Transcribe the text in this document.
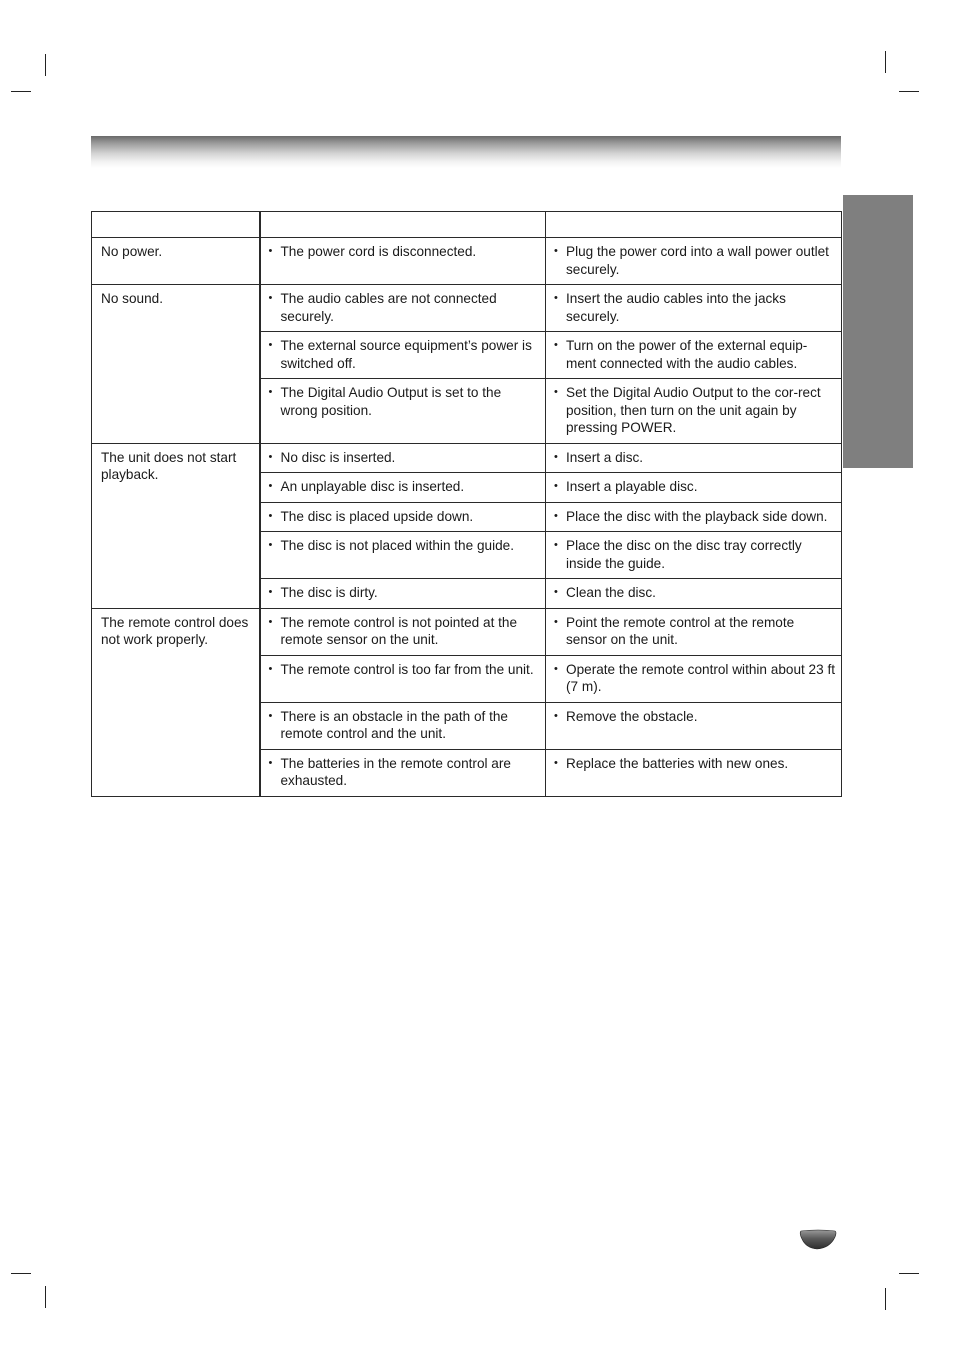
No power.	• The power cord is disconnected.	• Plug the power cord into a wall power outlet securely.

No sound.	• The audio cables are not connected securely.	• Insert the audio cables into the jacks securely.

	• The external source equipment’s power is switched off.	• Turn on the power of the external equip-ment connected with the audio cables.

	• The Digital Audio Output is set to the wrong position.	• Set the Digital Audio Output to the cor-rect position, then turn on the unit again by pressing POWER.

The unit does not start playback.	• No disc is inserted.	• Insert a disc.

	• An unplayable disc is inserted.	• Insert a playable disc.

	• The disc is placed upside down.	• Place the disc with the playback side down.

	• The disc is not placed within the guide.	• Place the disc on the disc tray correctly inside the guide.

	• The disc is dirty.	• Clean the disc.

The remote control does not work properly.	• The remote control is not pointed at the remote sensor on the unit.	• Point the remote control at the remote sensor on the unit.

	• The remote control is too far from the unit.	• Operate the remote control within about 23 ft (7 m).

	• There is an obstacle in the path of the remote control and the unit.	• Remove the obstacle.

	• The batteries in the remote control are exhausted.	• Replace the batteries with new ones.
